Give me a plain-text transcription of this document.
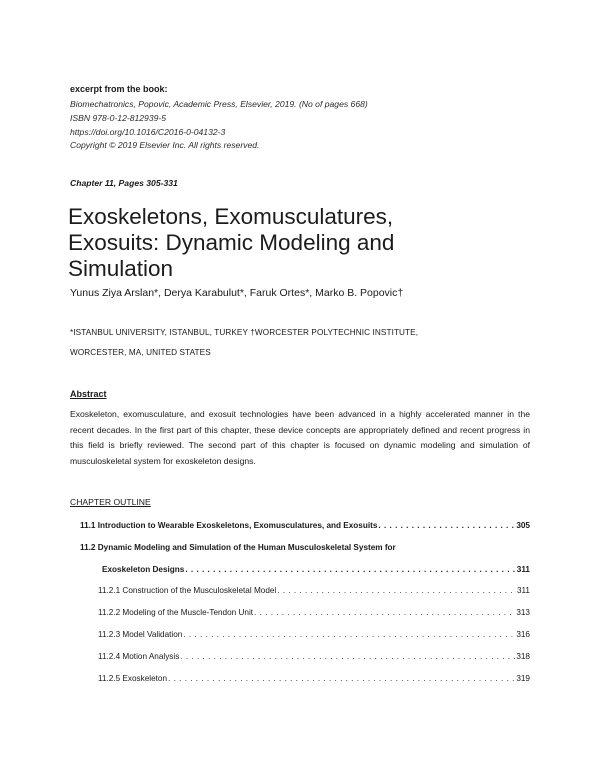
excerpt from the book:
Biomechatronics, Popovic, Academic Press, Elsevier, 2019. (No of pages 668)
ISBN 978-0-12-812939-5
https://doi.org/10.1016/C2016-0-04132-3
Copyright © 2019 Elsevier Inc. All rights reserved.
Chapter 11, Pages 305-331
Exoskeletons, Exomusculatures,
Exosuits: Dynamic Modeling and
Simulation
Yunus Ziya Arslan*, Derya Karabulut*, Faruk Ortes*, Marko B. Popovic†
*ISTANBUL UNIVERSITY, ISTANBUL, TURKEY †WORCESTER POLYTECHNIC INSTITUTE,
WORCESTER, MA, UNITED STATES
Abstract
Exoskeleton, exomusculature, and exosuit technologies have been advanced in a highly accelerated manner in the recent decades. In the first part of this chapter, these device concepts are appropriately defined and recent progress in this field is briefly reviewed. The second part of this chapter is focused on dynamic modeling and simulation of musculoskeletal system for exoskeleton designs.
CHAPTER OUTLINE
11.1 Introduction to Wearable Exoskeletons, Exomusculatures, and Exosuits . . .	305
11.2 Dynamic Modeling and Simulation of the Human Musculoskeletal System for
Exoskeleton Designs . . .	311
11.2.1 Construction of the Musculoskeletal Model . . .	311
11.2.2 Modeling of the Muscle-Tendon Unit . . .	313
11.2.3 Model Validation . . .	316
11.2.4 Motion Analysis . . .	318
11.2.5 Exoskeleton . . .	319
